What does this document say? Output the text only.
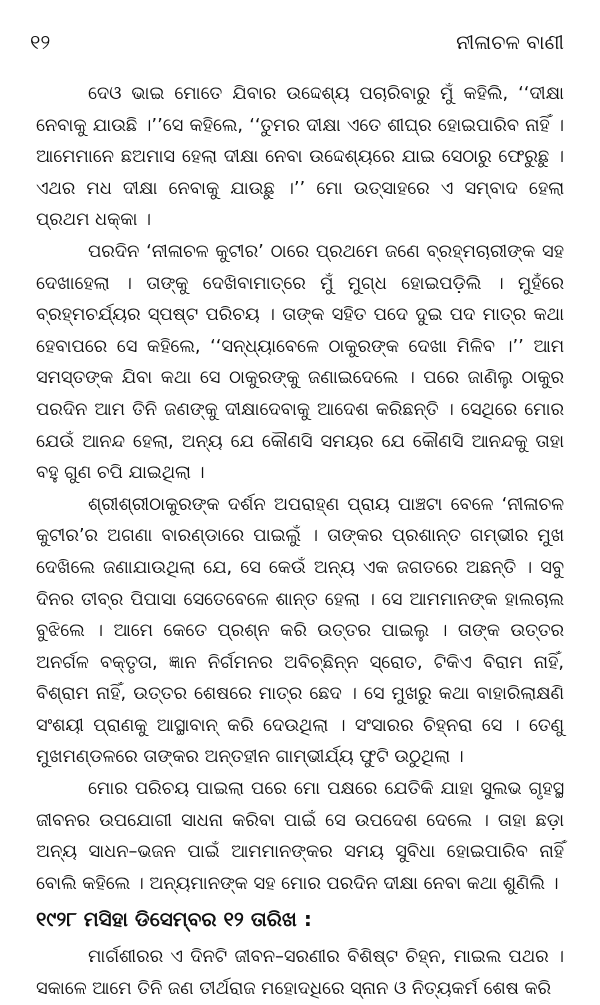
୧୨	ନୀଳାଚଳ ବାଣୀ

ଦେଓ ଭାଇ ମୋତେ ଯିବାର ଉଦ୍ଦେଶ୍ୟ ପଚାରିବାରୁ ମୁଁ କହିଲି, ‘‘ଦୀକ୍ଷା ନେବାକୁ ଯାଉଛି ।’’ସେ କହିଲେ, ‘‘ତୁମର ଦୀକ୍ଷା ଏତେ ଶୀଘ୍ର ହୋଇପାରିବ ନାହିଁ । ଆମେମାନେ ଛଅମାସ ହେଲା ଦୀକ୍ଷା ନେବା ଉଦ୍ଦେଶ୍ୟରେ ଯାଇ ସେଠାରୁ ଫେରୁଛୁ । ଏଥର ମଧ ଦୀକ୍ଷା ନେବାକୁ ଯାଉଛୁ ।’’ ମୋ ଉତ୍ସାହରେ ଏ ସମ୍ବାଦ ହେଲା ପ୍ରଥମ ଧକ୍କା ।

ପରଦିନ ‘ନୀଳାଚଳ କୁଟୀର’ ଠାରେ ପ୍ରଥମେ ଜଣେ ବ୍ରହ୍ମଚାରୀଙ୍କ ସହ ଦେଖାହେଲା । ତାଙ୍କୁ ଦେଖିବାମାତ୍ରେ ମୁଁ ମୁଗ୍ଧ ହୋଇପଡ଼ିଲି । ମୁହଁରେ ବ୍ରହ୍ମଚର୍ଯ୍ୟର ସ୍ପଷ୍ଟ ପରିଚୟ । ତାଙ୍କ ସହିତ ପଦେ ଦୁଇ ପଦ ମାତ୍ର କଥା ହେବାପରେ ସେ କହିଲେ, ‘‘ସନ୍ଧ୍ୟାବେଳେ ଠାକୁରଙ୍କ ଦେଖା ମିଳିବ ।’’ ଆମ ସମସ୍ତଙ୍କ ଯିବା କଥା ସେ ଠାକୁରଙ୍କୁ ଜଣାଇଦେଲେ । ପରେ ଜାଣିଲୁ ଠାକୁର ପରଦିନ ଆମ ତିନି ଜଣଙ୍କୁ ଦୀକ୍ଷାଦେବାକୁ ଆଦେଶ କରିଛନ୍ତି । ସେଥିରେ ମୋର ଯେଉଁ ଆନନ୍ଦ ହେଲା, ଅନ୍ୟ ଯେ କୌଣସି ସମୟର ଯେ କୌଣସି ଆନନ୍ଦକୁ ତାହା ବହୁ ଗୁଣ ଚପି ଯାଇଥିଲା ।

ଶ୍ରୀଶ୍ରୀଠାକୁରଙ୍କ ଦର୍ଶନ ଅପରାହ୍ଣ ପ୍ରାୟ ପାଞ୍ଚଟା ବେଳେ ‘ନୀଳାଚଳ କୁଟୀର’ର ଅଗଣା ବାରଣ୍ଡାରେ ପାଇଲୁଁ । ତାଙ୍କର ପ୍ରଶାନ୍ତ ଗମ୍ଭୀର ମୁଖ ଦେଖିଲେ ଜଣାଯାଉଥିଲା ଯେ, ସେ କେଉଁ ଅନ୍ୟ ଏକ ଜଗତରେ ଅଛନ୍ତି । ସବୁ ଦିନର ତୀବ୍ର ପିପାସା ସେତେବେଳେ ଶାନ୍ତ ହେଲା । ସେ ଆମମାନଙ୍କ ହାଲଚାଲ ବୁଝିଲେ । ଆମେ କେତେ ପ୍ରଶ୍ନ କରି ଉତ୍ତର ପାଇଲୁ । ତାଙ୍କ ଉତ୍ତର ଅନର୍ଗଳ ବକ୍ତୃତା, ଜ୍ଞାନ ନିର୍ଗମନର ଅବିଚ୍ଛିନ୍ନ ସ୍ରୋତ, ଟିକିଏ ବିରାମ ନାହିଁ, ବିଶ୍ରାମ ନାହିଁ, ଉତ୍ତର ଶେଷରେ ମାତ୍ର ଛେଦ । ସେ ମୁଖରୁ କଥା ବାହାରିଲାକ୍ଷଣି ସଂଶୟୀ ପ୍ରାଣକୁ ଆସ୍ଥାବାନ୍ କରି ଦେଉଥିଲା । ସଂସାରର ଚିହ୍ନରା ସେ । ତେଣୁ ମୁଖମଣ୍ଡଳରେ ତାଙ୍କର ଅନ୍ତହୀନ ଗାମ୍ଭୀର୍ଯ୍ୟ ଫୁଟି ଉଠୁଥିଲା ।

ମୋର ପରିଚୟ ପାଇଲା ପରେ ମୋ ପକ୍ଷରେ ଯେତିକି ଯାହା ସୁଲଭ ଗୃହସ୍ଥ ଜୀବନର ଉପଯୋଗୀ ସାଧନା କରିବା ପାଇଁ ସେ ଉପଦେଶ ଦେଲେ । ତାହା ଛଡ଼ା ଅନ୍ୟ ସାଧନ–ଭଜନ ପାଇଁ ଆମମାନଙ୍କର ସମୟ ସୁବିଧା ହୋଇପାରିବ ନାହିଁ ବୋଲି କହିଲେ । ଅନ୍ୟମାନଙ୍କ ସହ ମୋର ପରଦିନ ଦୀକ୍ଷା ନେବା କଥା ଶୁଣିଲି ।

୧୯୨୮ ମସିହା ଡିସେମ୍ବର ୧୨ ତାରିଖ :

ମାର୍ଗଶୀରର ଏ ଦିନଟି ଜୀବନ–ସରଣୀର ବିଶିଷ୍ଟ ଚିହ୍ନ, ମାଇଲ ପଥର । ସକାଳେ ଆମେ ତିନି ଜଣ ତୀର୍ଥରାଜ ମହୋଦଧିରେ ସ୍ନାନ ଓ ନିତ୍ୟକର୍ମ ଶେଷ କରି
